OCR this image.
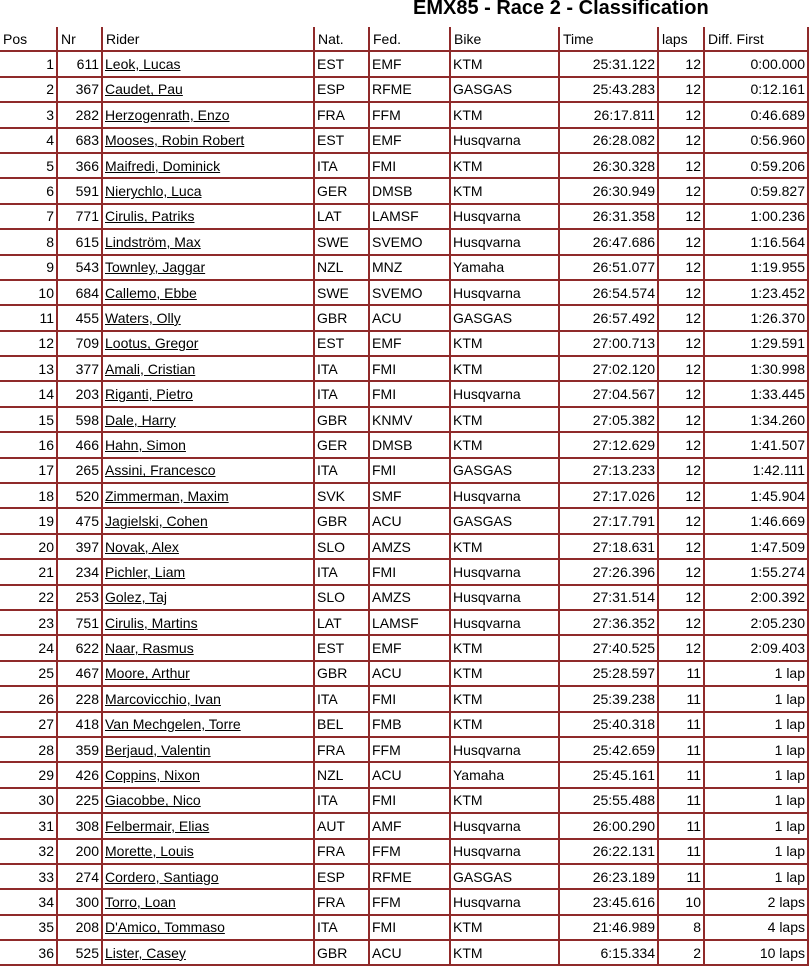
EMX85 - Race 2 - Classification
Pos	Nr	Rider	Nat.	Fed.	Bike	Time	laps	Diff. First
1	611	Leok, Lucas	EST	EMF	KTM	25:31.122	12	0:00.000
2	367	Caudet, Pau	ESP	RFME	GASGAS	25:43.283	12	0:12.161
3	282	Herzogenrath, Enzo	FRA	FFM	KTM	26:17.811	12	0:46.689
4	683	Mooses, Robin Robert	EST	EMF	Husqvarna	26:28.082	12	0:56.960
5	366	Maifredi, Dominick	ITA	FMI	KTM	26:30.328	12	0:59.206
6	591	Nierychlo, Luca	GER	DMSB	KTM	26:30.949	12	0:59.827
7	771	Cirulis, Patriks	LAT	LAMSF	Husqvarna	26:31.358	12	1:00.236
8	615	Lindström, Max	SWE	SVEMO	Husqvarna	26:47.686	12	1:16.564
9	543	Townley, Jaggar	NZL	MNZ	Yamaha	26:51.077	12	1:19.955
10	684	Callemo, Ebbe	SWE	SVEMO	Husqvarna	26:54.574	12	1:23.452
11	455	Waters, Olly	GBR	ACU	GASGAS	26:57.492	12	1:26.370
12	709	Lootus, Gregor	EST	EMF	KTM	27:00.713	12	1:29.591
13	377	Amali, Cristian	ITA	FMI	KTM	27:02.120	12	1:30.998
14	203	Riganti, Pietro	ITA	FMI	Husqvarna	27:04.567	12	1:33.445
15	598	Dale, Harry	GBR	KNMV	KTM	27:05.382	12	1:34.260
16	466	Hahn, Simon	GER	DMSB	KTM	27:12.629	12	1:41.507
17	265	Assini, Francesco	ITA	FMI	GASGAS	27:13.233	12	1:42.111
18	520	Zimmerman, Maxim	SVK	SMF	Husqvarna	27:17.026	12	1:45.904
19	475	Jagielski, Cohen	GBR	ACU	GASGAS	27:17.791	12	1:46.669
20	397	Novak, Alex	SLO	AMZS	KTM	27:18.631	12	1:47.509
21	234	Pichler, Liam	ITA	FMI	Husqvarna	27:26.396	12	1:55.274
22	253	Golez, Taj	SLO	AMZS	Husqvarna	27:31.514	12	2:00.392
23	751	Cirulis, Martins	LAT	LAMSF	Husqvarna	27:36.352	12	2:05.230
24	622	Naar, Rasmus	EST	EMF	KTM	27:40.525	12	2:09.403
25	467	Moore, Arthur	GBR	ACU	KTM	25:28.597	11	1 lap
26	228	Marcovicchio, Ivan	ITA	FMI	KTM	25:39.238	11	1 lap
27	418	Van Mechgelen, Torre	BEL	FMB	KTM	25:40.318	11	1 lap
28	359	Berjaud, Valentin	FRA	FFM	Husqvarna	25:42.659	11	1 lap
29	426	Coppins, Nixon	NZL	ACU	Yamaha	25:45.161	11	1 lap
30	225	Giacobbe, Nico	ITA	FMI	KTM	25:55.488	11	1 lap
31	308	Felbermair, Elias	AUT	AMF	Husqvarna	26:00.290	11	1 lap
32	200	Morette, Louis	FRA	FFM	Husqvarna	26:22.131	11	1 lap
33	274	Cordero, Santiago	ESP	RFME	GASGAS	26:23.189	11	1 lap
34	300	Torro, Loan	FRA	FFM	Husqvarna	23:45.616	10	2 laps
35	208	D'Amico, Tommaso	ITA	FMI	KTM	21:46.989	8	4 laps
36	525	Lister, Casey	GBR	ACU	KTM	6:15.334	2	10 laps
